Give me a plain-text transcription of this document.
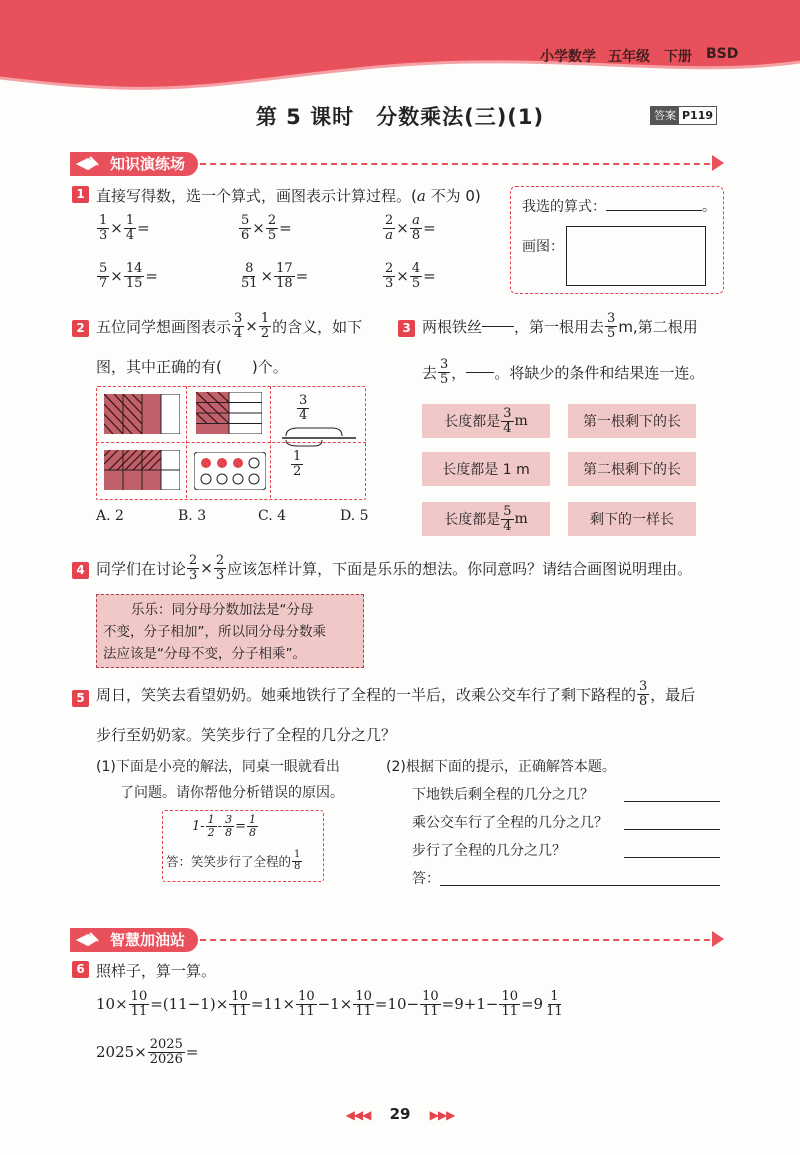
小学数学 五年级 下册 BSD
第 5 课时　分数乘法(三)(1)	答案 P119
知识演练场
1 直接写得数，选一个算式，画图表示计算过程。(a 不为 0)
我选的算式：	。
画图：
2 五位同学想画图表示 $\frac{3}{4} \times \frac{1}{2}$ 的含义，如下
图，其中正确的有(　　)个。
$\frac{3}{4}$
$\frac{1}{2}$
A. 2	B. 3	C. 4	D. 5
3 两根铁丝 ，第一根用去 $\frac{3}{5} m$,第二根用
去 $\frac{3}{5}$ ， 。将缺少的条件和结果连一连。
长度都是 $\frac{3}{4}$ m
长度都是 1 m
长度都是 $\frac{5}{4}$ m
第一根剩下的长
第二根剩下的长
剩下的一样长
4 同学们在讨论 $\frac{2}{3} \times \frac{2}{3}$ 应该怎样计算，下面是乐乐的想法。你同意吗？请结合画图说明理由。
乐乐：同分母分数加法是“分母
不变，分子相加”，所以同分母分数乘
法应该是“分母不变，分子相乘”。
5 周日，笑笑去看望奶奶。她乘地铁行了全程的一半后，改乘公交车行了剩下路程的 $\frac{3}{8}$ ，最后
步行至奶奶家。笑笑步行了全程的几分之几？
(1)下面是小亮的解法，同桌一眼就看出
了问题。请你帮他分析错误的原因。
$1- \frac{1}{2} - \frac{3}{8} = \frac{1}{8}$
答：笑笑步行了全程的 $\frac{1}{8}$
(2)根据下面的提示，正确解答本题。
下地铁后剩全程的几分之几？
乘公交车行了全程的几分之几？
步行了全程的几分之几？
答：
智慧加油站
6 照样子，算一算。
$10 \times \frac{10}{11} =(11-1) \times \frac{10}{11} =11 \times \frac{10}{11} -1 \times \frac{10}{11} =10- \frac{10}{11} =9+1- \frac{10}{11} =9 \frac{1}{11}$
$2025 \times \frac{2025}{2026}$ =
◀◀◀ 29 ▶▶▶
$\frac{1}{3} \times \frac{1}{4}$ =	$\frac{5}{6} \times \frac{2}{5}$ =	$\frac{2}{a} \times \frac{a}{8}$ =
$\frac{5}{7} \times \frac{14}{15}$ =	$\frac{8}{51} \times \frac{17}{18}$ =	$\frac{2}{3} \times \frac{4}{5}$ =
